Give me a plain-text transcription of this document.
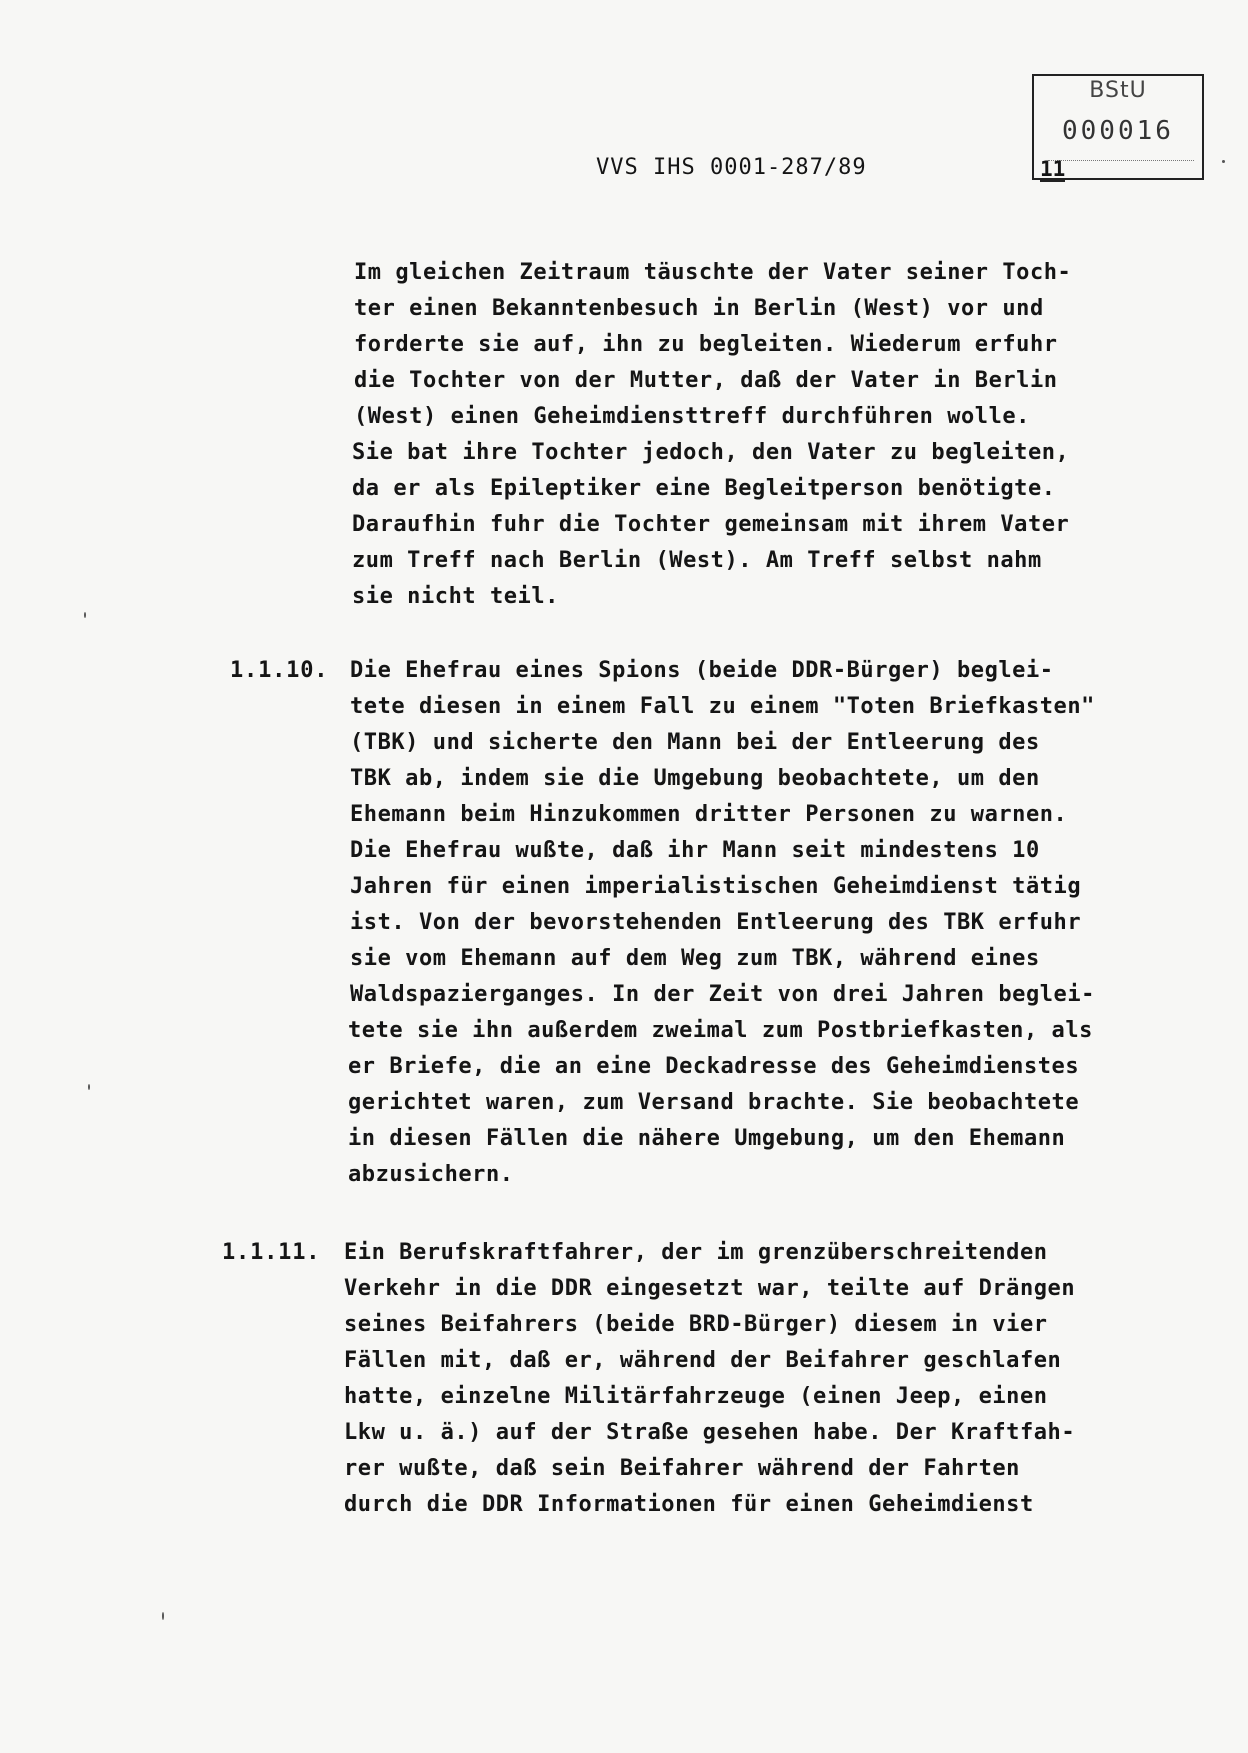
VVS IHS 0001-287/89
BStU
000016
11
Im gleichen Zeitraum täuschte der Vater seiner Toch-
ter einen Bekanntenbesuch in Berlin (West) vor und
forderte sie auf, ihn zu begleiten. Wiederum erfuhr
die Tochter von der Mutter, daß der Vater in Berlin
(West) einen Geheimdiensttreff durchführen wolle.
Sie bat ihre Tochter jedoch, den Vater zu begleiten,
da er als Epileptiker eine Begleitperson benötigte.
Daraufhin fuhr die Tochter gemeinsam mit ihrem Vater
zum Treff nach Berlin (West). Am Treff selbst nahm
sie nicht teil.
1.1.10. Die Ehefrau eines Spions (beide DDR-Bürger) beglei-
tete diesen in einem Fall zu einem "Toten Briefkasten"
(TBK) und sicherte den Mann bei der Entleerung des
TBK ab, indem sie die Umgebung beobachtete, um den
Ehemann beim Hinzukommen dritter Personen zu warnen.
Die Ehefrau wußte, daß ihr Mann seit mindestens 10
Jahren für einen imperialistischen Geheimdienst tätig
ist. Von der bevorstehenden Entleerung des TBK erfuhr
sie vom Ehemann auf dem Weg zum TBK, während eines
Waldspazierganges. In der Zeit von drei Jahren beglei-
tete sie ihn außerdem zweimal zum Postbriefkasten, als
er Briefe, die an eine Deckadresse des Geheimdienstes
gerichtet waren, zum Versand brachte. Sie beobachtete
in diesen Fällen die nähere Umgebung, um den Ehemann
abzusichern.
1.1.11. Ein Berufskraftfahrer, der im grenzüberschreitenden
Verkehr in die DDR eingesetzt war, teilte auf Drängen
seines Beifahrers (beide BRD-Bürger) diesem in vier
Fällen mit, daß er, während der Beifahrer geschlafen
hatte, einzelne Militärfahrzeuge (einen Jeep, einen
Lkw u. ä.) auf der Straße gesehen habe. Der Kraftfah-
rer wußte, daß sein Beifahrer während der Fahrten
durch die DDR Informationen für einen Geheimdienst
